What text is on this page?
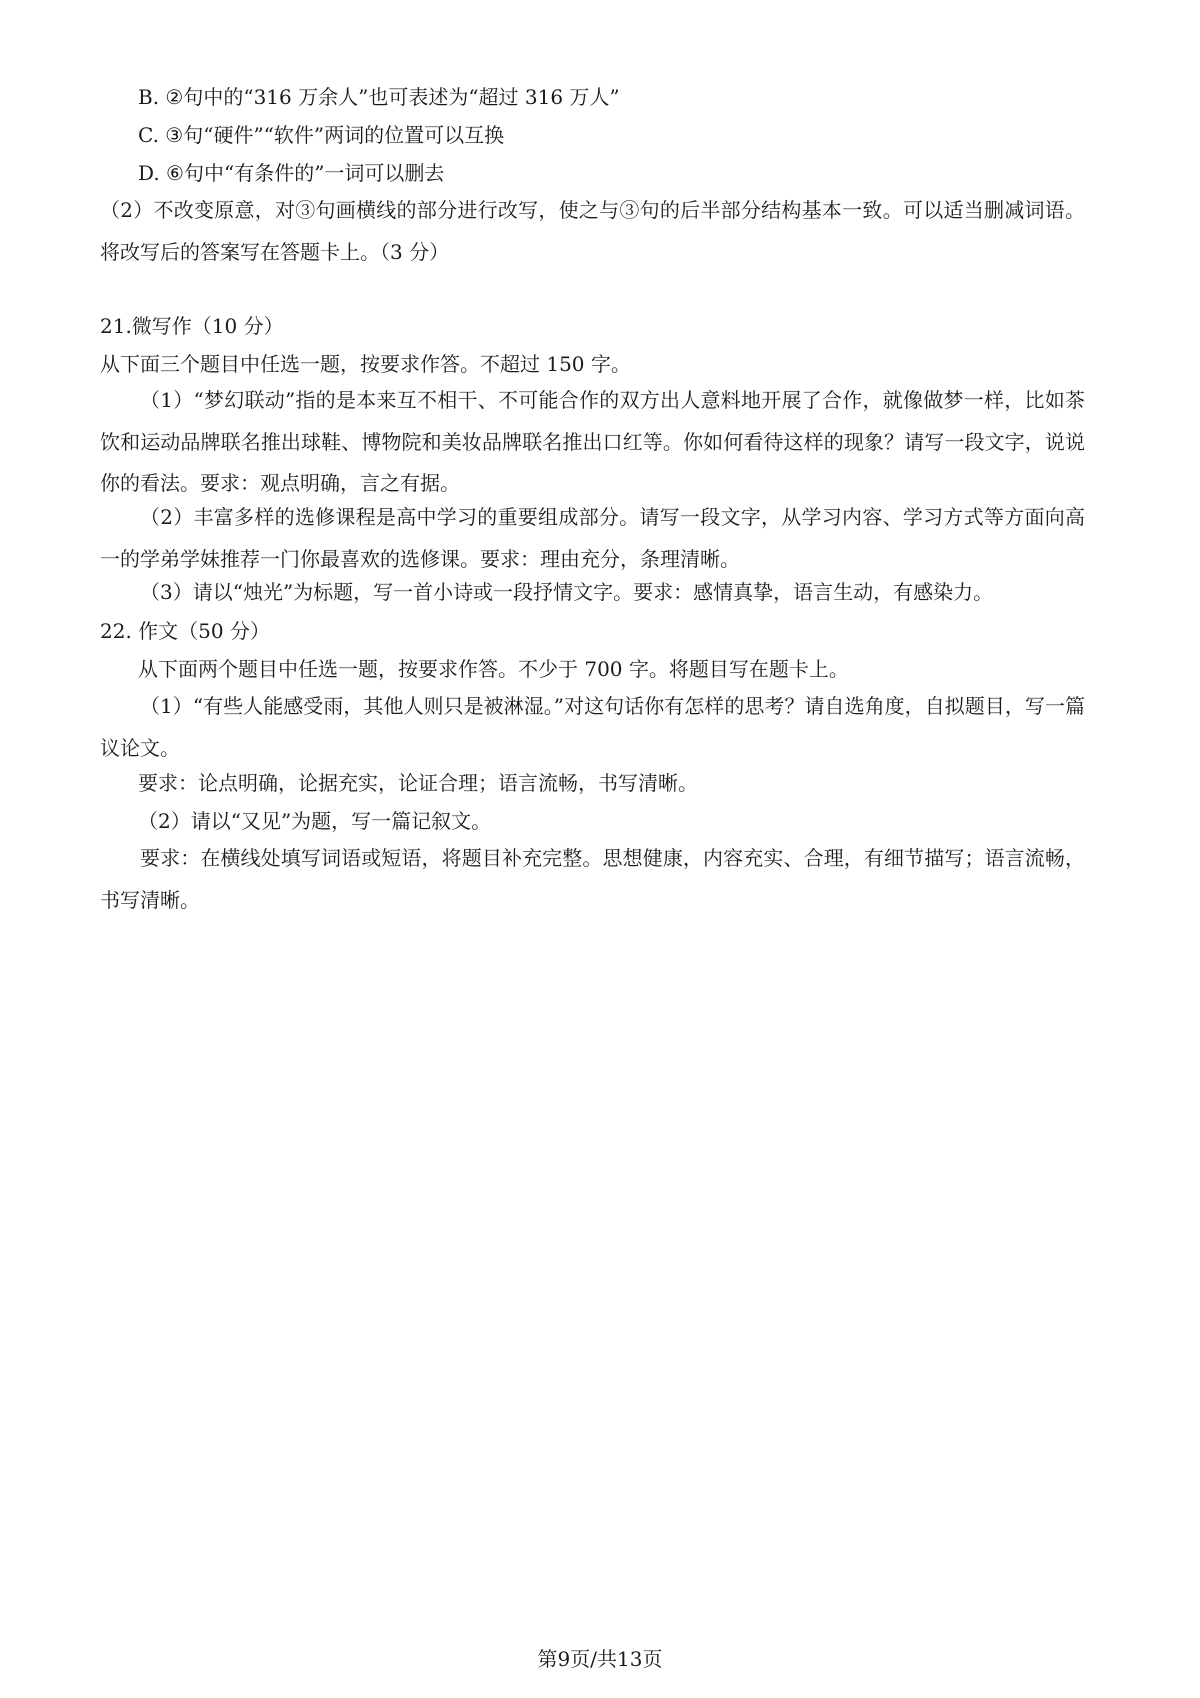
B. ②句中的“316 万余人”也可表述为“超过 316 万人”
C. ③句“硬件”“软件”两词的位置可以互换
D. ⑥句中“有条件的”一词可以删去
（2）不改变原意，对③句画横线的部分进行改写，使之与③句的后半部分结构基本一致。可以适当删减词语。将改写后的答案写在答题卡上。（3 分）
21.微写作（10 分）
从下面三个题目中任选一题，按要求作答。不超过 150 字。
（1）“梦幻联动”指的是本来互不相干、不可能合作的双方出人意料地开展了合作，就像做梦一样，比如茶饮和运动品牌联名推出球鞋、博物院和美妆品牌联名推出口红等。你如何看待这样的现象？请写一段文字，说说你的看法。要求：观点明确，言之有据。
（2）丰富多样的选修课程是高中学习的重要组成部分。请写一段文字，从学习内容、学习方式等方面向高一的学弟学妹推荐一门你最喜欢的选修课。要求：理由充分，条理清晰。
（3）请以“烛光”为标题，写一首小诗或一段抒情文字。要求：感情真挚，语言生动，有感染力。
22. 作文（50 分）
从下面两个题目中任选一题，按要求作答。不少于 700 字。将题目写在题卡上。
（1）“有些人能感受雨，其他人则只是被淋湿。”对这句话你有怎样的思考？请自选角度，自拟题目，写一篇议论文。
要求：论点明确，论据充实，论证合理；语言流畅，书写清晰。
（2）请以“又见”为题，写一篇记叙文。
要求：在横线处填写词语或短语，将题目补充完整。思想健康，内容充实、合理，有细节描写；语言流畅，书写清晰。
第9页/共13页
